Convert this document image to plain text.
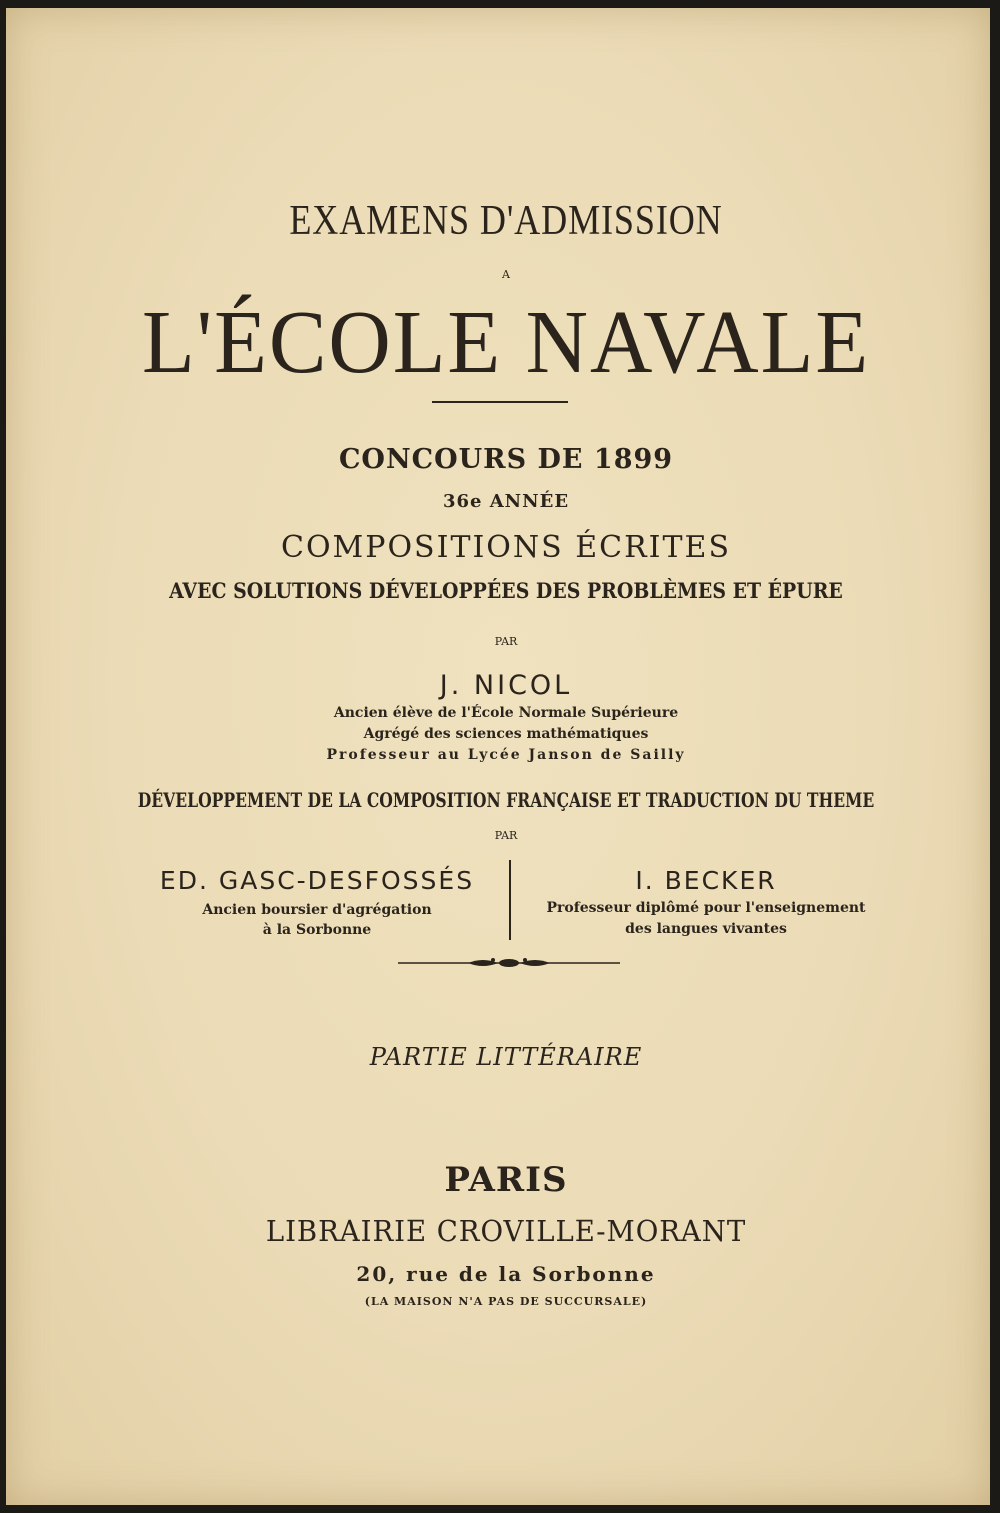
EXAMENS D'ADMISSION
A
L'ÉCOLE NAVALE
CONCOURS DE 1899
36e ANNÉE
COMPOSITIONS ÉCRITES
AVEC SOLUTIONS DÉVELOPPÉES DES PROBLÈMES ET ÉPURE
PAR
J. NICOL
Ancien élève de l'École Normale Supérieure
Agrégé des sciences mathématiques
Professeur au Lycée Janson de Sailly
DÉVELOPPEMENT DE LA COMPOSITION FRANÇAISE ET TRADUCTION DU THEME
PAR
ED. GASC-DESFOSSÉS
Ancien boursier d'agrégation
à la Sorbonne
I. BECKER
Professeur diplômé pour l'enseignement
des langues vivantes
PARTIE LITTÉRAIRE
PARIS
LIBRAIRIE CROVILLE-MORANT
20, rue de la Sorbonne
(LA MAISON N'A PAS DE SUCCURSALE)
